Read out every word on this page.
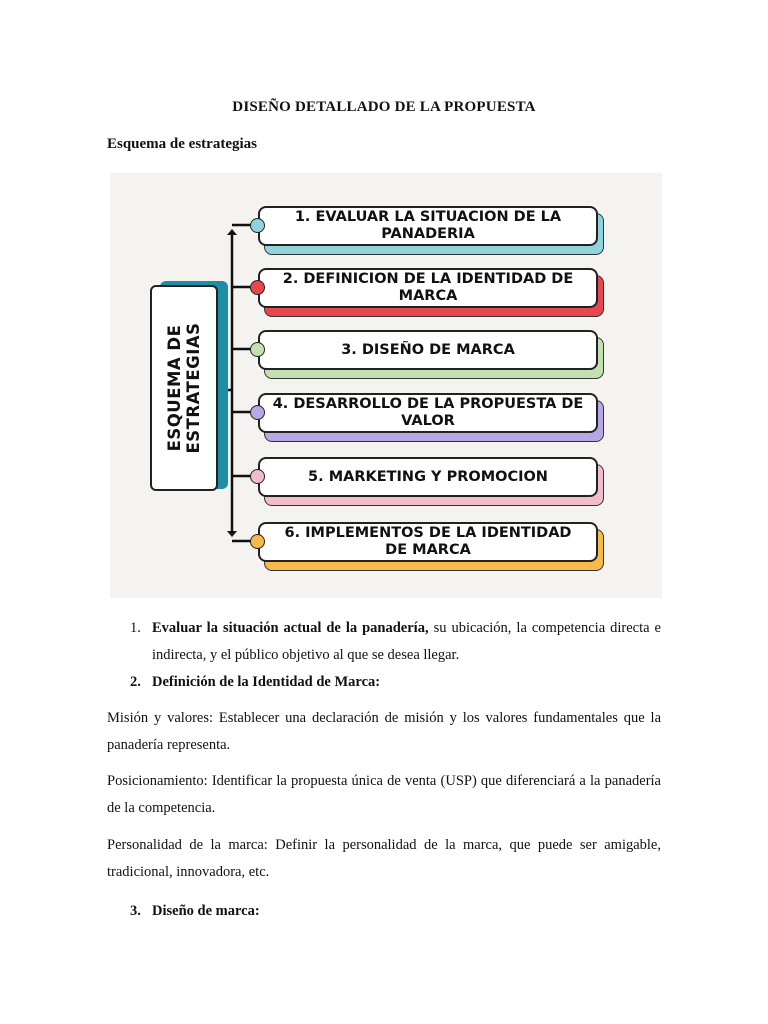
DISEÑO DETALLADO DE LA PROPUESTA
Esquema de estrategias
ESQUEMA DE ESTRATEGIAS
1. EVALUAR LA SITUACION DE LA PANADERIA
2. DEFINICION DE LA IDENTIDAD DE MARCA
3. DISEÑO DE MARCA
4. DESARROLLO DE LA PROPUESTA DE VALOR
5. MARKETING Y PROMOCION
6. IMPLEMENTOS DE LA IDENTIDAD DE MARCA
1. Evaluar la situación actual de la panadería, su ubicación, la competencia directa e indirecta, y el público objetivo al que se desea llegar.
2. Definición de la Identidad de Marca:
Misión y valores: Establecer una declaración de misión y los valores fundamentales que la panadería representa.
Posicionamiento: Identificar la propuesta única de venta (USP) que diferenciará a la panadería de la competencia.
Personalidad de la marca: Definir la personalidad de la marca, que puede ser amigable, tradicional, innovadora, etc.
3. Diseño de marca:
